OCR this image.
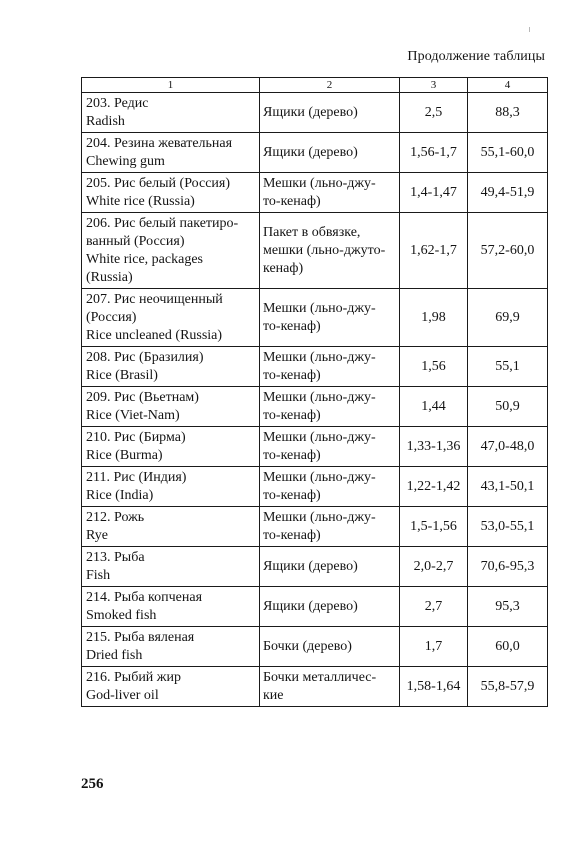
Продолжение таблицы
1	2	3	4

203. Редис
Radish	Ящики (дерево)	2,5	88,3

204. Резина жевательная
Chewing gum	Ящики (дерево)	1,56-1,7	55,1-60,0

205. Рис белый (Россия)
White rice (Russia)	Мешки (льно-джу-
то-кенаф)	1,4-1,47	49,4-51,9

206. Рис белый пакетиро-
ванный (Россия)
White rice, packages
(Russia)	Пакет в обвязке,
мешки (льно-джуто-
кенаф)	1,62-1,7	57,2-60,0

207. Рис неочищенный
(Россия)
Rice uncleaned (Russia)	Мешки (льно-джу-
то-кенаф)	1,98	69,9

208. Рис (Бразилия)
Rice (Brasil)	Мешки (льно-джу-
то-кенаф)	1,56	55,1

209. Рис (Вьетнам)
Rice (Viet-Nam)	Мешки (льно-джу-
то-кенаф)	1,44	50,9

210. Рис (Бирма)
Rice (Burma)	Мешки (льно-джу-
то-кенаф)	1,33-1,36	47,0-48,0

211. Рис (Индия)
Rice (India)	Мешки (льно-джу-
то-кенаф)	1,22-1,42	43,1-50,1

212. Рожь
Rye	Мешки (льно-джу-
то-кенаф)	1,5-1,56	53,0-55,1

213. Рыба
Fish	Ящики (дерево)	2,0-2,7	70,6-95,3

214. Рыба копченая
Smoked fish	Ящики (дерево)	2,7	95,3

215. Рыба вяленая
Dried fish	Бочки (дерево)	1,7	60,0

216. Рыбий жир
God-liver oil	Бочки металличес-
кие	1,58-1,64	55,8-57,9
256
